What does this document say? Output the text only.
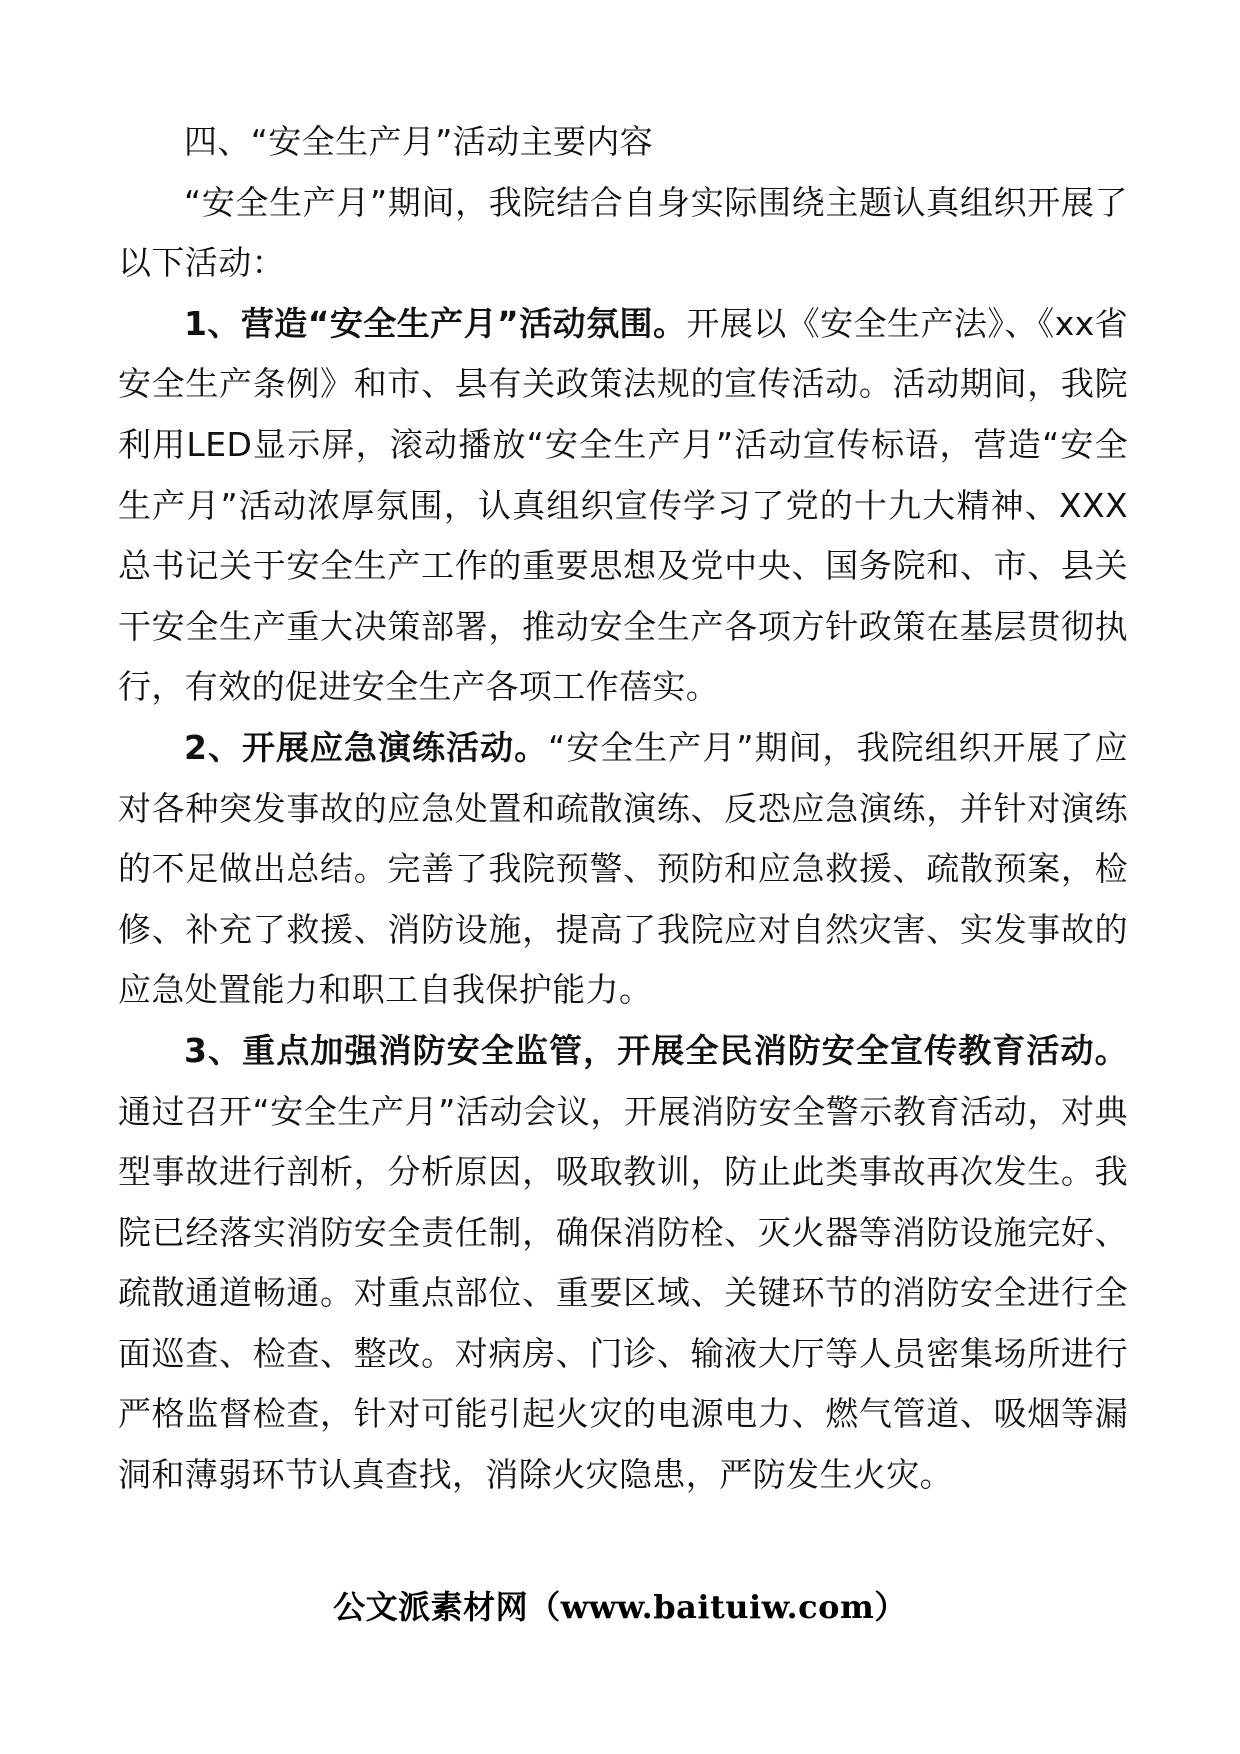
四、“安全生产月”活动主要内容

“安全生产月”期间，我院结合自身实际围绕主题认真组织开展了以下活动：

1、营造“安全生产月”活动氛围。开展以《安全生产法》、《xx省安全生产条例》和市、县有关政策法规的宣传活动。活动期间，我院利用LED显示屏，滚动播放“安全生产月”活动宣传标语，营造“安全生产月”活动浓厚氛围，认真组织宣传学习了党的十九大精神、XXX总书记关于安全生产工作的重要思想及党中央、国务院和、市、县关干安全生产重大决策部署，推动安全生产各项方针政策在基层贯彻执行，有效的促进安全生产各项工作蓓实。

2、开展应急演练活动。“安全生产月”期间，我院组织开展了应对各种突发事故的应急处置和疏散演练、反恐应急演练，并针对演练的不足做出总结。完善了我院预警、预防和应急救援、疏散预案，检修、补充了救援、消防设施，提高了我院应对自然灾害、实发事故的应急处置能力和职工自我保护能力。

3、重点加强消防安全监管，开展全民消防安全宣传教育活动。通过召开“安全生产月”活动会议，开展消防安全警示教育活动，对典型事故进行剖析，分析原因，吸取教训，防止此类事故再次发生。我院已经落实消防安全责任制，确保消防栓、灭火器等消防设施完好、疏散通道畅通。对重点部位、重要区域、关键环节的消防安全进行全面巡查、检查、整改。对病房、门诊、输液大厅等人员密集场所进行严格监督检查，针对可能引起火灾的电源电力、燃气管道、吸烟等漏洞和薄弱环节认真查找，消除火灾隐患，严防发生火灾。

公文派素材网（www.baituiw.com）
